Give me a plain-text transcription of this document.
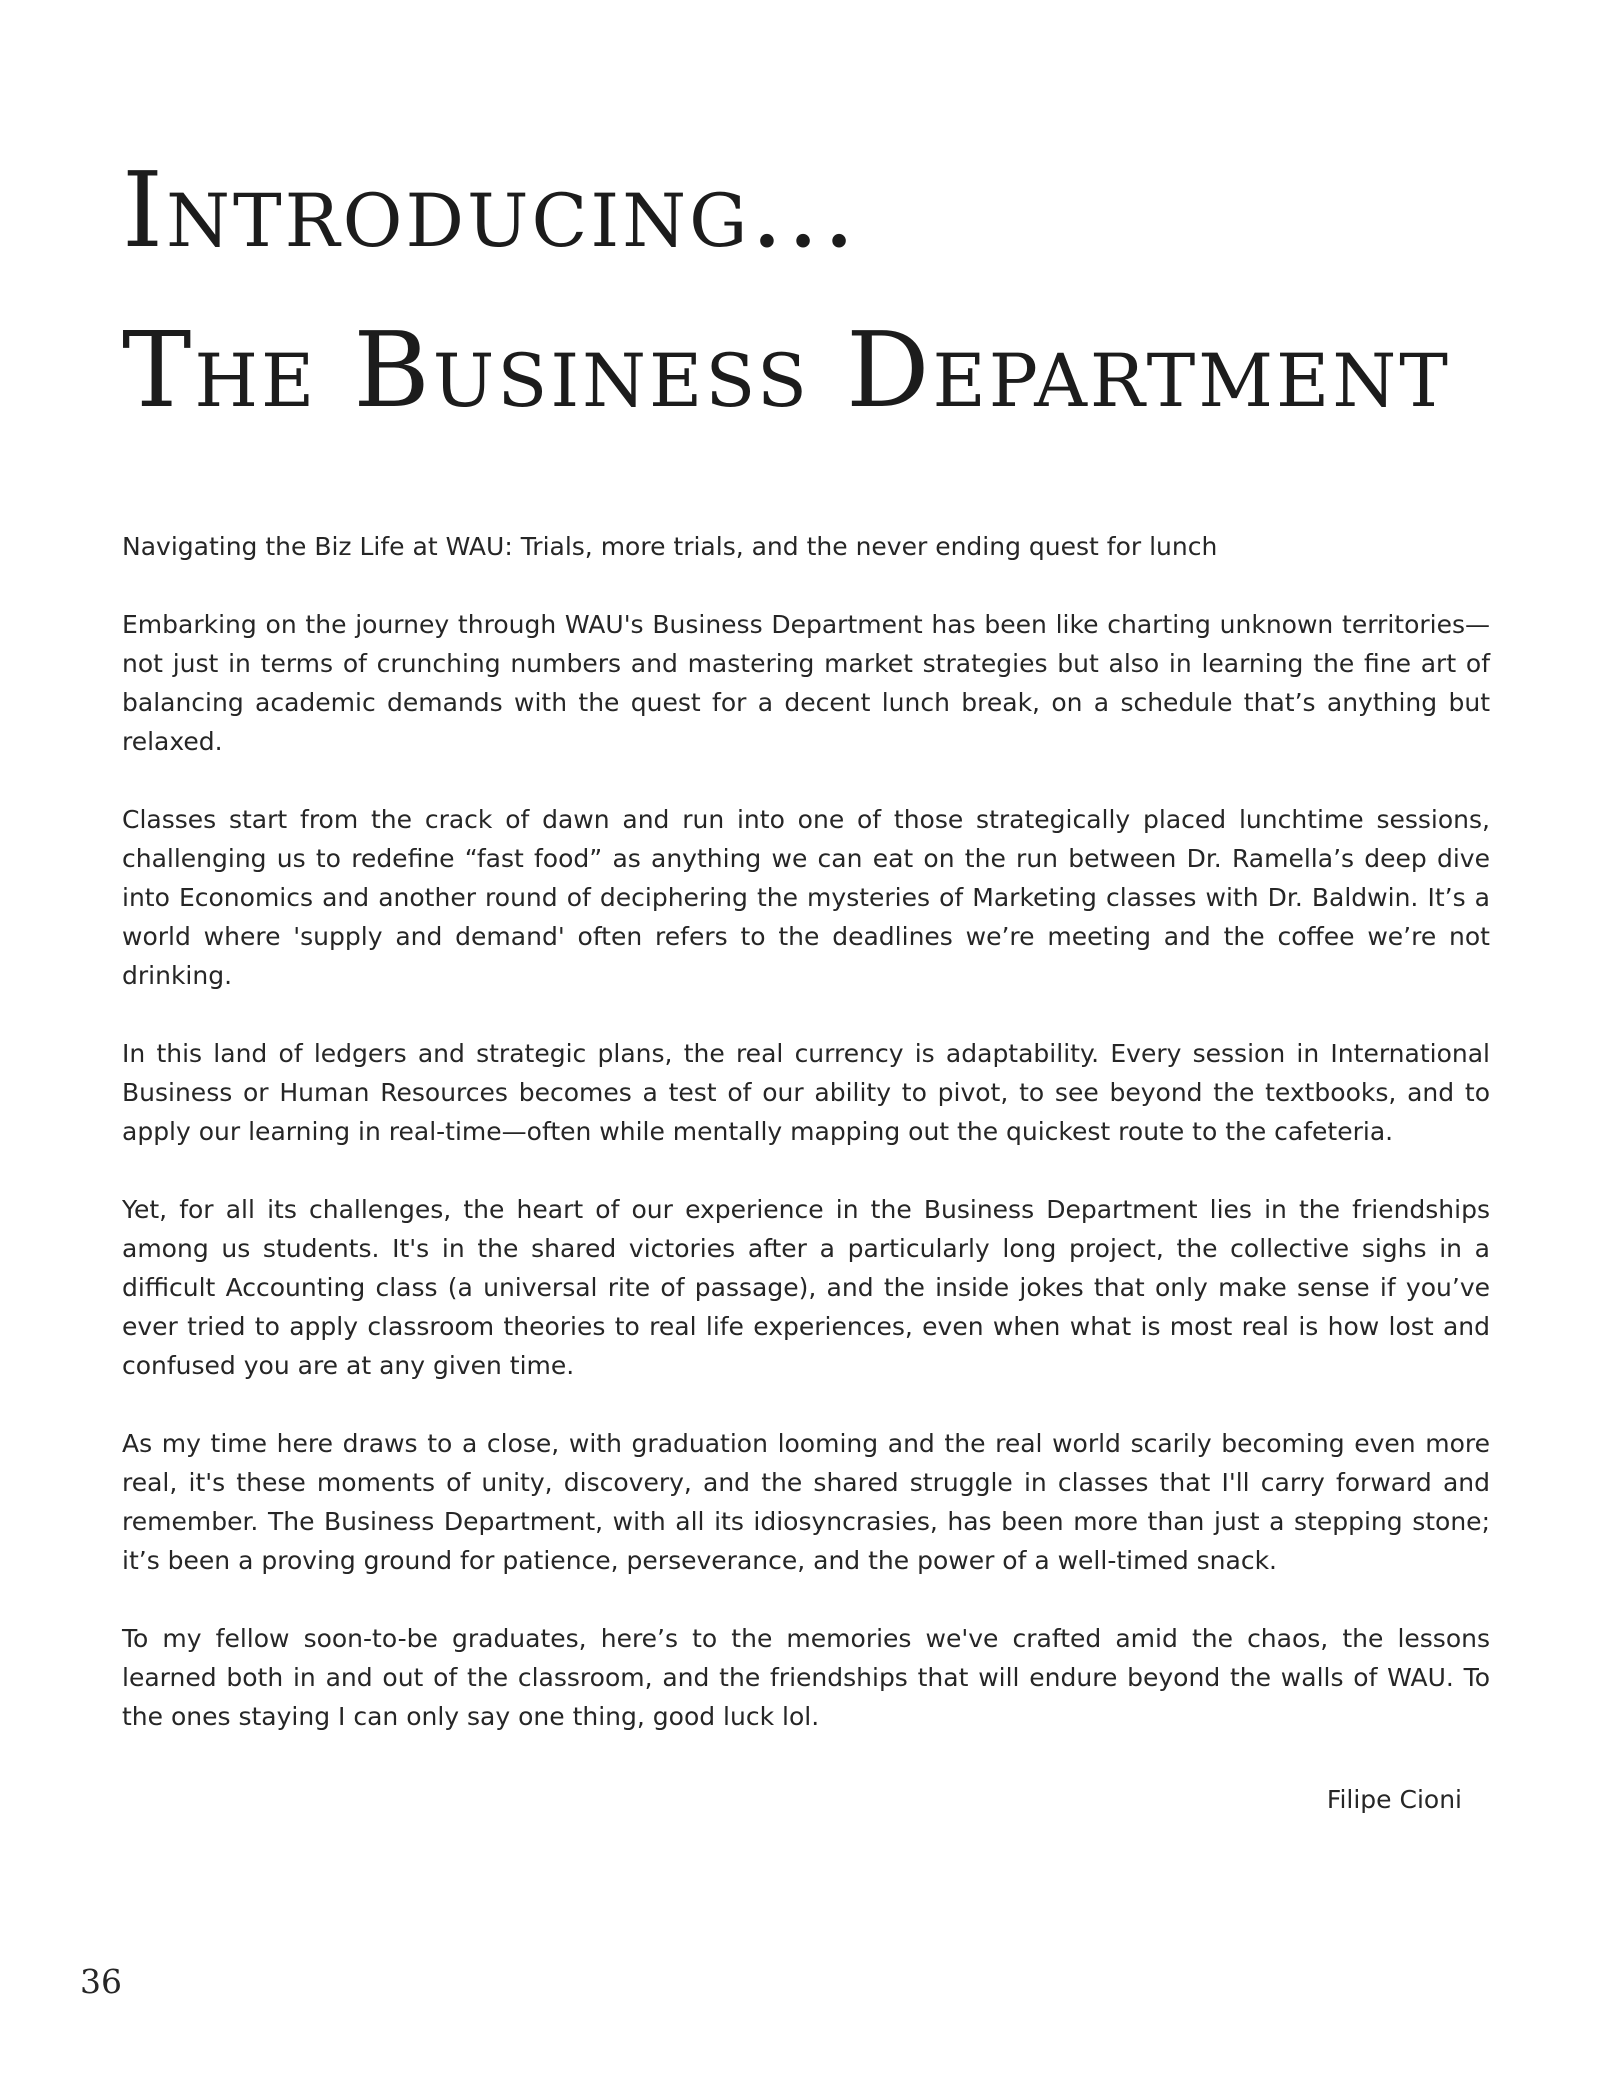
Introducing...
The Business Department

Navigating the Biz Life at WAU: Trials, more trials, and the never ending quest for lunch

Embarking on the journey through WAU's Business Department has been like charting unknown territories—not just in terms of crunching numbers and mastering market strategies but also in learning the fine art of balancing academic demands with the quest for a decent lunch break, on a schedule that’s anything but relaxed.

Classes start from the crack of dawn and run into one of those strategically placed lunchtime sessions, challenging us to redefine “fast food” as anything we can eat on the run between Dr. Ramella’s deep dive into Economics and another round of deciphering the mysteries of Marketing classes with Dr. Baldwin. It’s a world where 'supply and demand' often refers to the deadlines we’re meeting and the coffee we’re not drinking.

In this land of ledgers and strategic plans, the real currency is adaptability. Every session in International Business or Human Resources becomes a test of our ability to pivot, to see beyond the textbooks, and to apply our learning in real-time—often while mentally mapping out the quickest route to the cafeteria.

Yet, for all its challenges, the heart of our experience in the Business Department lies in the friendships among us students. It's in the shared victories after a particularly long project, the collective sighs in a difficult Accounting class (a universal rite of passage), and the inside jokes that only make sense if you’ve ever tried to apply classroom theories to real life experiences, even when what is most real is how lost and confused you are at any given time.

As my time here draws to a close, with graduation looming and the real world scarily becoming even more real, it's these moments of unity, discovery, and the shared struggle in classes that I'll carry forward and remember. The Business Department, with all its idiosyncrasies, has been more than just a stepping stone; it’s been a proving ground for patience, perseverance, and the power of a well-timed snack.

To my fellow soon-to-be graduates, here’s to the memories we've crafted amid the chaos, the lessons learned both in and out of the classroom, and the friendships that will endure beyond the walls of WAU. To the ones staying I can only say one thing, good luck lol.

Filipe Cioni
36
